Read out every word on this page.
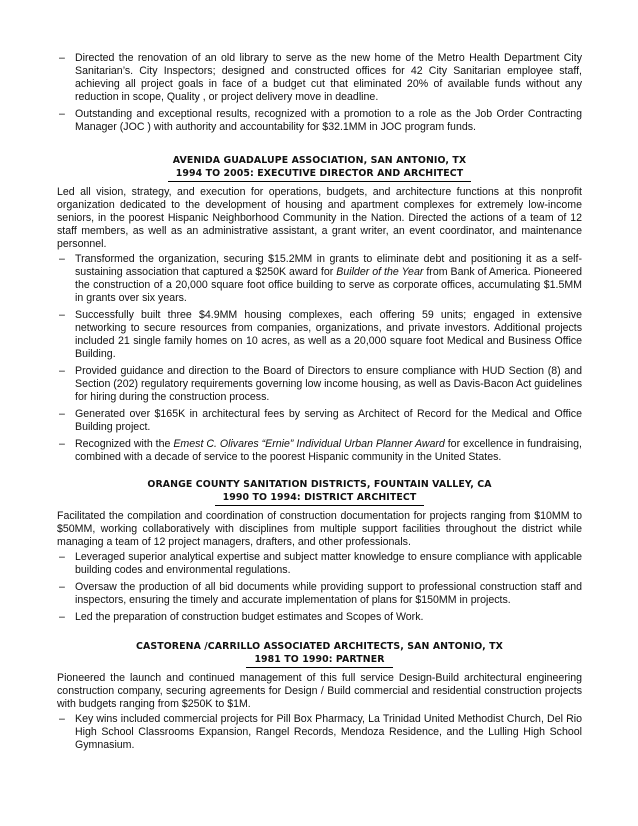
– Directed the renovation of an old library to serve as the new home of the Metro Health Department City Sanitarian’s. City Inspectors; designed and constructed offices for 42 City Sanitarian employee staff, achieving all project goals in face of a budget cut that eliminated 20% of available funds without any reduction in scope, Quality , or project delivery move in deadline.
– Outstanding and exceptional results, recognized with a promotion to a role as the Job Order Contracting Manager (JOC ) with authority and accountability for $32.1MM in JOC program funds.
AVENIDA GUADALUPE ASSOCIATION, SAN ANTONIO, TX
1994 TO 2005: EXECUTIVE DIRECTOR AND ARCHITECT

Led all vision, strategy, and execution for operations, budgets, and architecture functions at this nonprofit organization dedicated to the development of housing and apartment complexes for extremely low-income seniors, in the poorest Hispanic Neighborhood Community in the Nation. Directed the actions of a team of 12 staff members, as well as an administrative assistant, a grant writer, an event coordinator, and maintenance personnel.

– Transformed the organization, securing $15.2MM in grants to eliminate debt and positioning it as a self-sustaining association that captured a $250K award for Builder of the Year from Bank of America. Pioneered the construction of a 20,000 square foot office building to serve as corporate offices, accumulating $1.5MM in grants over six years.
– Successfully built three $4.9MM housing complexes, each offering 59 units; engaged in extensive networking to secure resources from companies, organizations, and private investors. Additional projects included 21 single family homes on 10 acres, as well as a 20,000 square foot Medical and Business Office Building.
– Provided guidance and direction to the Board of Directors to ensure compliance with HUD Section (8) and Section (202) regulatory requirements governing low income housing, as well as Davis-Bacon Act guidelines for hiring during the construction process.
– Generated over $165K in architectural fees by serving as Architect of Record for the Medical and Office Building project.
– Recognized with the Emest C. Olivares “Ernie” Individual Urban Planner Award for excellence in fundraising, combined with a decade of service to the poorest Hispanic community in the United States.
ORANGE COUNTY SANITATION DISTRICTS, FOUNTAIN VALLEY, CA
1990 TO 1994: DISTRICT ARCHITECT

Facilitated the compilation and coordination of construction documentation for projects ranging from $10MM to $50MM, working collaboratively with disciplines from multiple support facilities throughout the district while managing a team of 12 project managers, drafters, and other professionals.

– Leveraged superior analytical expertise and subject matter knowledge to ensure compliance with applicable building codes and environmental regulations.
– Oversaw the production of all bid documents while providing support to professional construction staff and inspectors, ensuring the timely and accurate implementation of plans for $150MM in projects.
– Led the preparation of construction budget estimates and Scopes of Work.
CASTORENA /CARRILLO ASSOCIATED ARCHITECTS, SAN ANTONIO, TX
1981 TO 1990: PARTNER

Pioneered the launch and continued management of this full service Design-Build architectural engineering construction company, securing agreements for Design / Build commercial and residential construction projects with budgets ranging from $250K to $1M.

– Key wins included commercial projects for Pill Box Pharmacy, La Trinidad United Methodist Church, Del Rio High School Classrooms Expansion, Rangel Records, Mendoza Residence, and the Lulling High School Gymnasium.
